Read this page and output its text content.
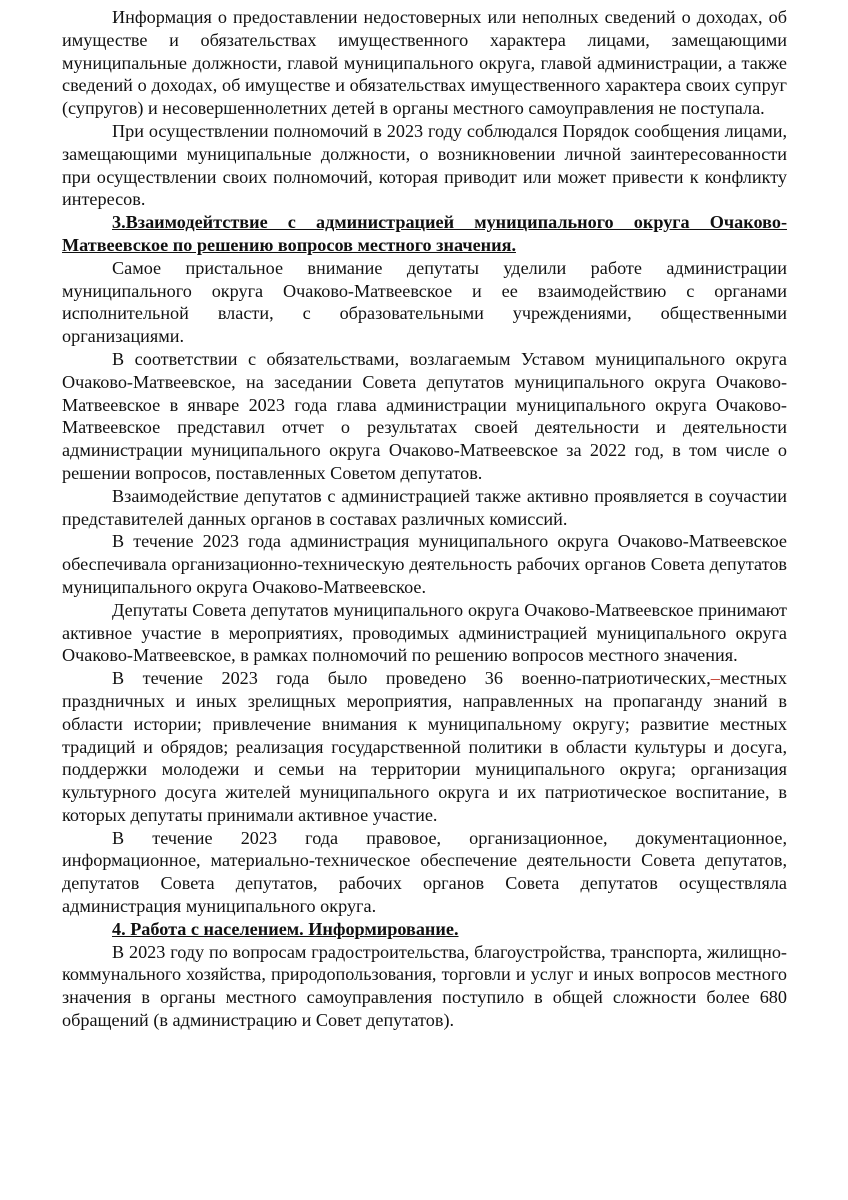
Информация о предоставлении недостоверных или неполных сведений о доходах, об имуществе и обязательствах имущественного характера лицами, замещающими муниципальные должности, главой муниципального округа, главой администрации, а также сведений о доходах, об имуществе и обязательствах имущественного характера своих супруг (супругов) и несовершеннолетних детей в органы местного самоуправления не поступала.

При осуществлении полномочий в 2023 году соблюдался Порядок сообщения лицами, замещающими муниципальные должности, о возникновении личной заинтересованности при осуществлении своих полномочий, которая приводит или может привести к конфликту интересов.

3.Взаимодейтствие с администрацией муниципального округа Очаково-Матвеевское по решению вопросов местного значения.

Самое пристальное внимание депутаты уделили работе администрации муниципального округа Очаково-Матвеевское и ее взаимодействию с органами исполнительной власти, с образовательными учреждениями, общественными организациями.

В соответствии с обязательствами, возлагаемым Уставом муниципального округа Очаково-Матвеевское, на заседании Совета депутатов муниципального округа Очаково-Матвеевское в январе 2023 года глава администрации муниципального округа Очаково-Матвеевское представил отчет о результатах своей деятельности и деятельности администрации муниципального округа Очаково-Матвеевское за 2022 год, в том числе о решении вопросов, поставленных Советом депутатов.

Взаимодействие депутатов с администрацией также активно проявляется в соучастии представителей данных органов в составах различных комиссий.

В течение 2023 года администрация муниципального округа Очаково-Матвеевское обеспечивала организационно-техническую деятельность рабочих органов Совета депутатов муниципального округа Очаково-Матвеевское.

Депутаты Совета депутатов муниципального округа Очаково-Матвеевское принимают активное участие в мероприятиях, проводимых администрацией муниципального округа Очаково-Матвеевское, в рамках полномочий по решению вопросов местного значения.

В течение 2023 года было проведено 36 военно-патриотических,–местных праздничных и иных зрелищных мероприятия, направленных на пропаганду знаний в области истории; привлечение внимания к муниципальному округу; развитие местных традиций и обрядов; реализация государственной политики в области культуры и досуга, поддержки молодежи и семьи на территории муниципального округа; организация культурного досуга жителей муниципального округа и их патриотическое воспитание, в которых депутаты принимали активное участие.

В течение 2023 года правовое, организационное, документационное, информационное, материально-техническое обеспечение деятельности Совета депутатов, депутатов Совета депутатов, рабочих органов Совета депутатов осуществляла администрация муниципального округа.

4. Работа с населением. Информирование.

В 2023 году по вопросам градостроительства, благоустройства, транспорта, жилищно-коммунального хозяйства, природопользования, торговли и услуг и иных вопросов местного значения в органы местного самоуправления поступило в общей сложности более 680 обращений (в администрацию и Совет депутатов).
